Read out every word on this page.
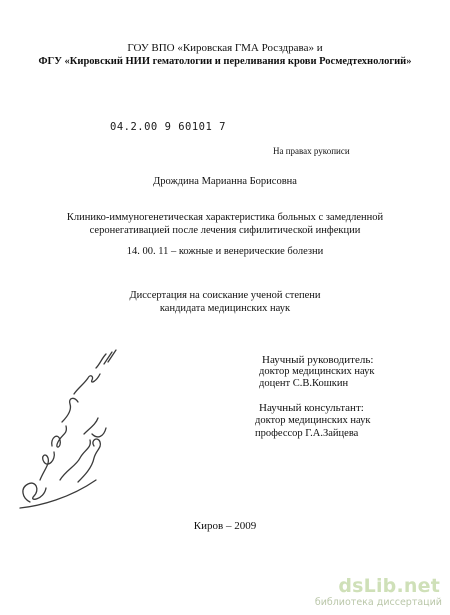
ГОУ ВПО «Кировская ГМА Росздрава» и

ФГУ «Кировский НИИ гематологии и переливания крови Росмедтехнологий»

04.2.00 9 60101 7

На правах рукописи

Дрождина Марианна Борисовна

Клинико-иммуногенетическая характеристика больных с замедленной

серонегативацией после лечения сифилитической инфекции

14. 00. 11 – кожные и венерические болезни

Диссертация на соискание ученой степени

кандидата медицинских наук

Научный руководитель:

доктор медицинских наук

доцент С.В.Кошкин

Научный консультант:

доктор медицинских наук

профессор Г.А.Зайцева

Киров – 2009

dsLib.net
библиотека диссертаций
